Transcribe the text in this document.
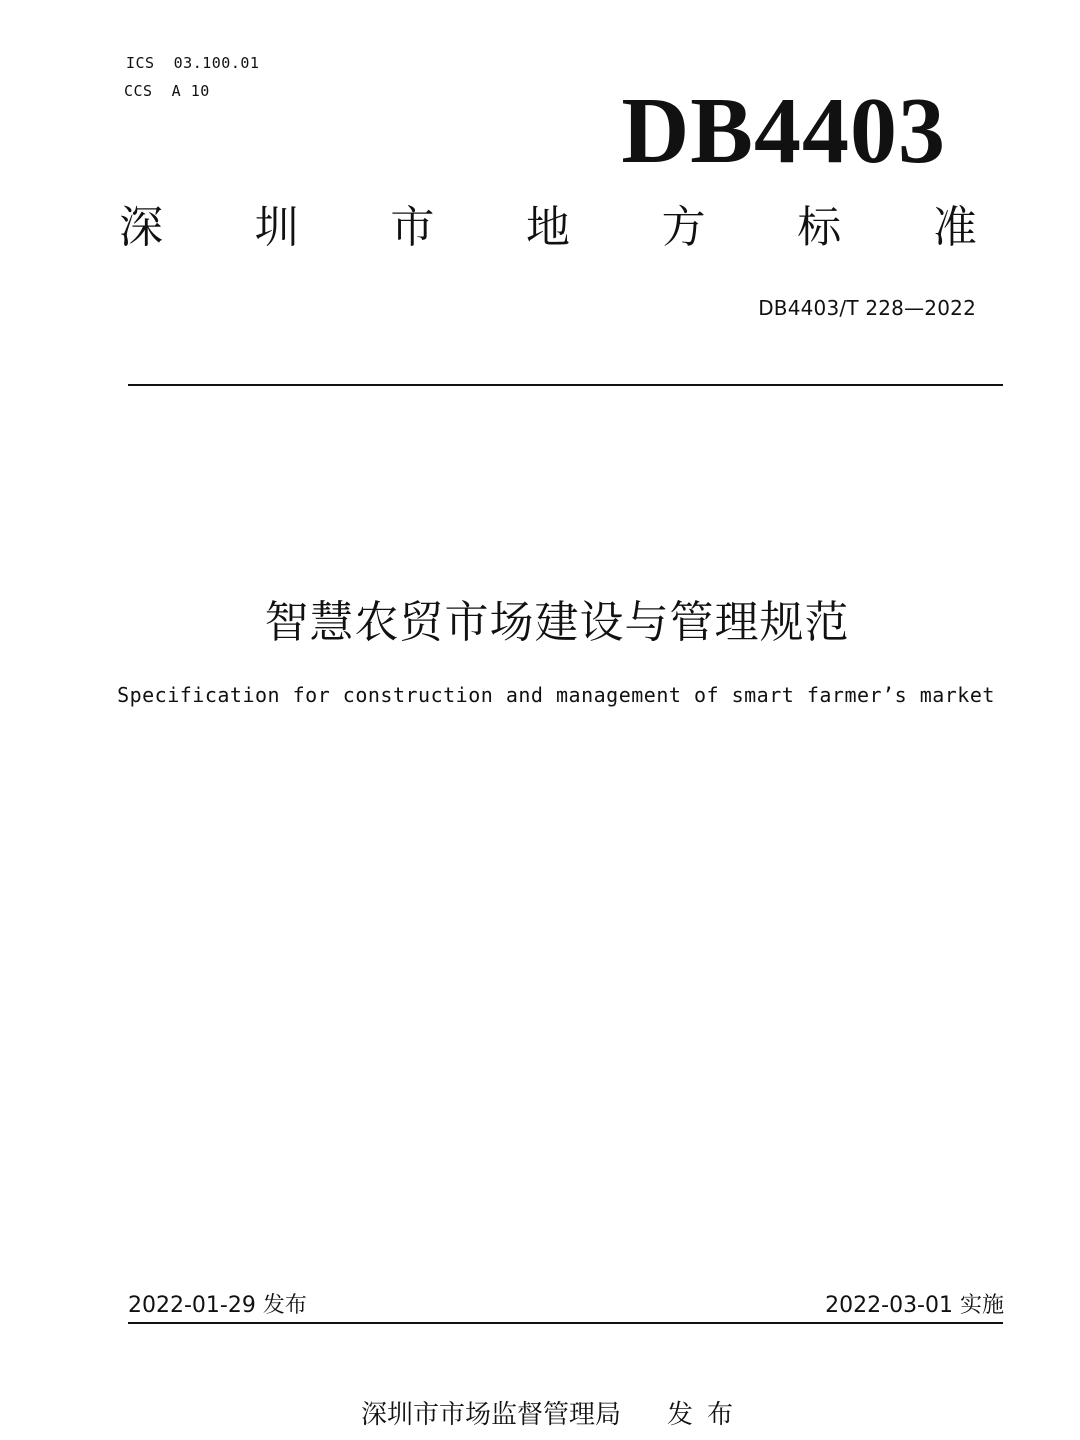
ICS  03.100.01
CCS  A 10	DB4403
深 圳 市 地 方 标 准
DB4403/T 228—2022
智慧农贸市场建设与管理规范
Specification for construction and management of smart farmer’s market
2022-01-29 发布	2022-03-01 实施
深圳市市场监督管理局 发布
